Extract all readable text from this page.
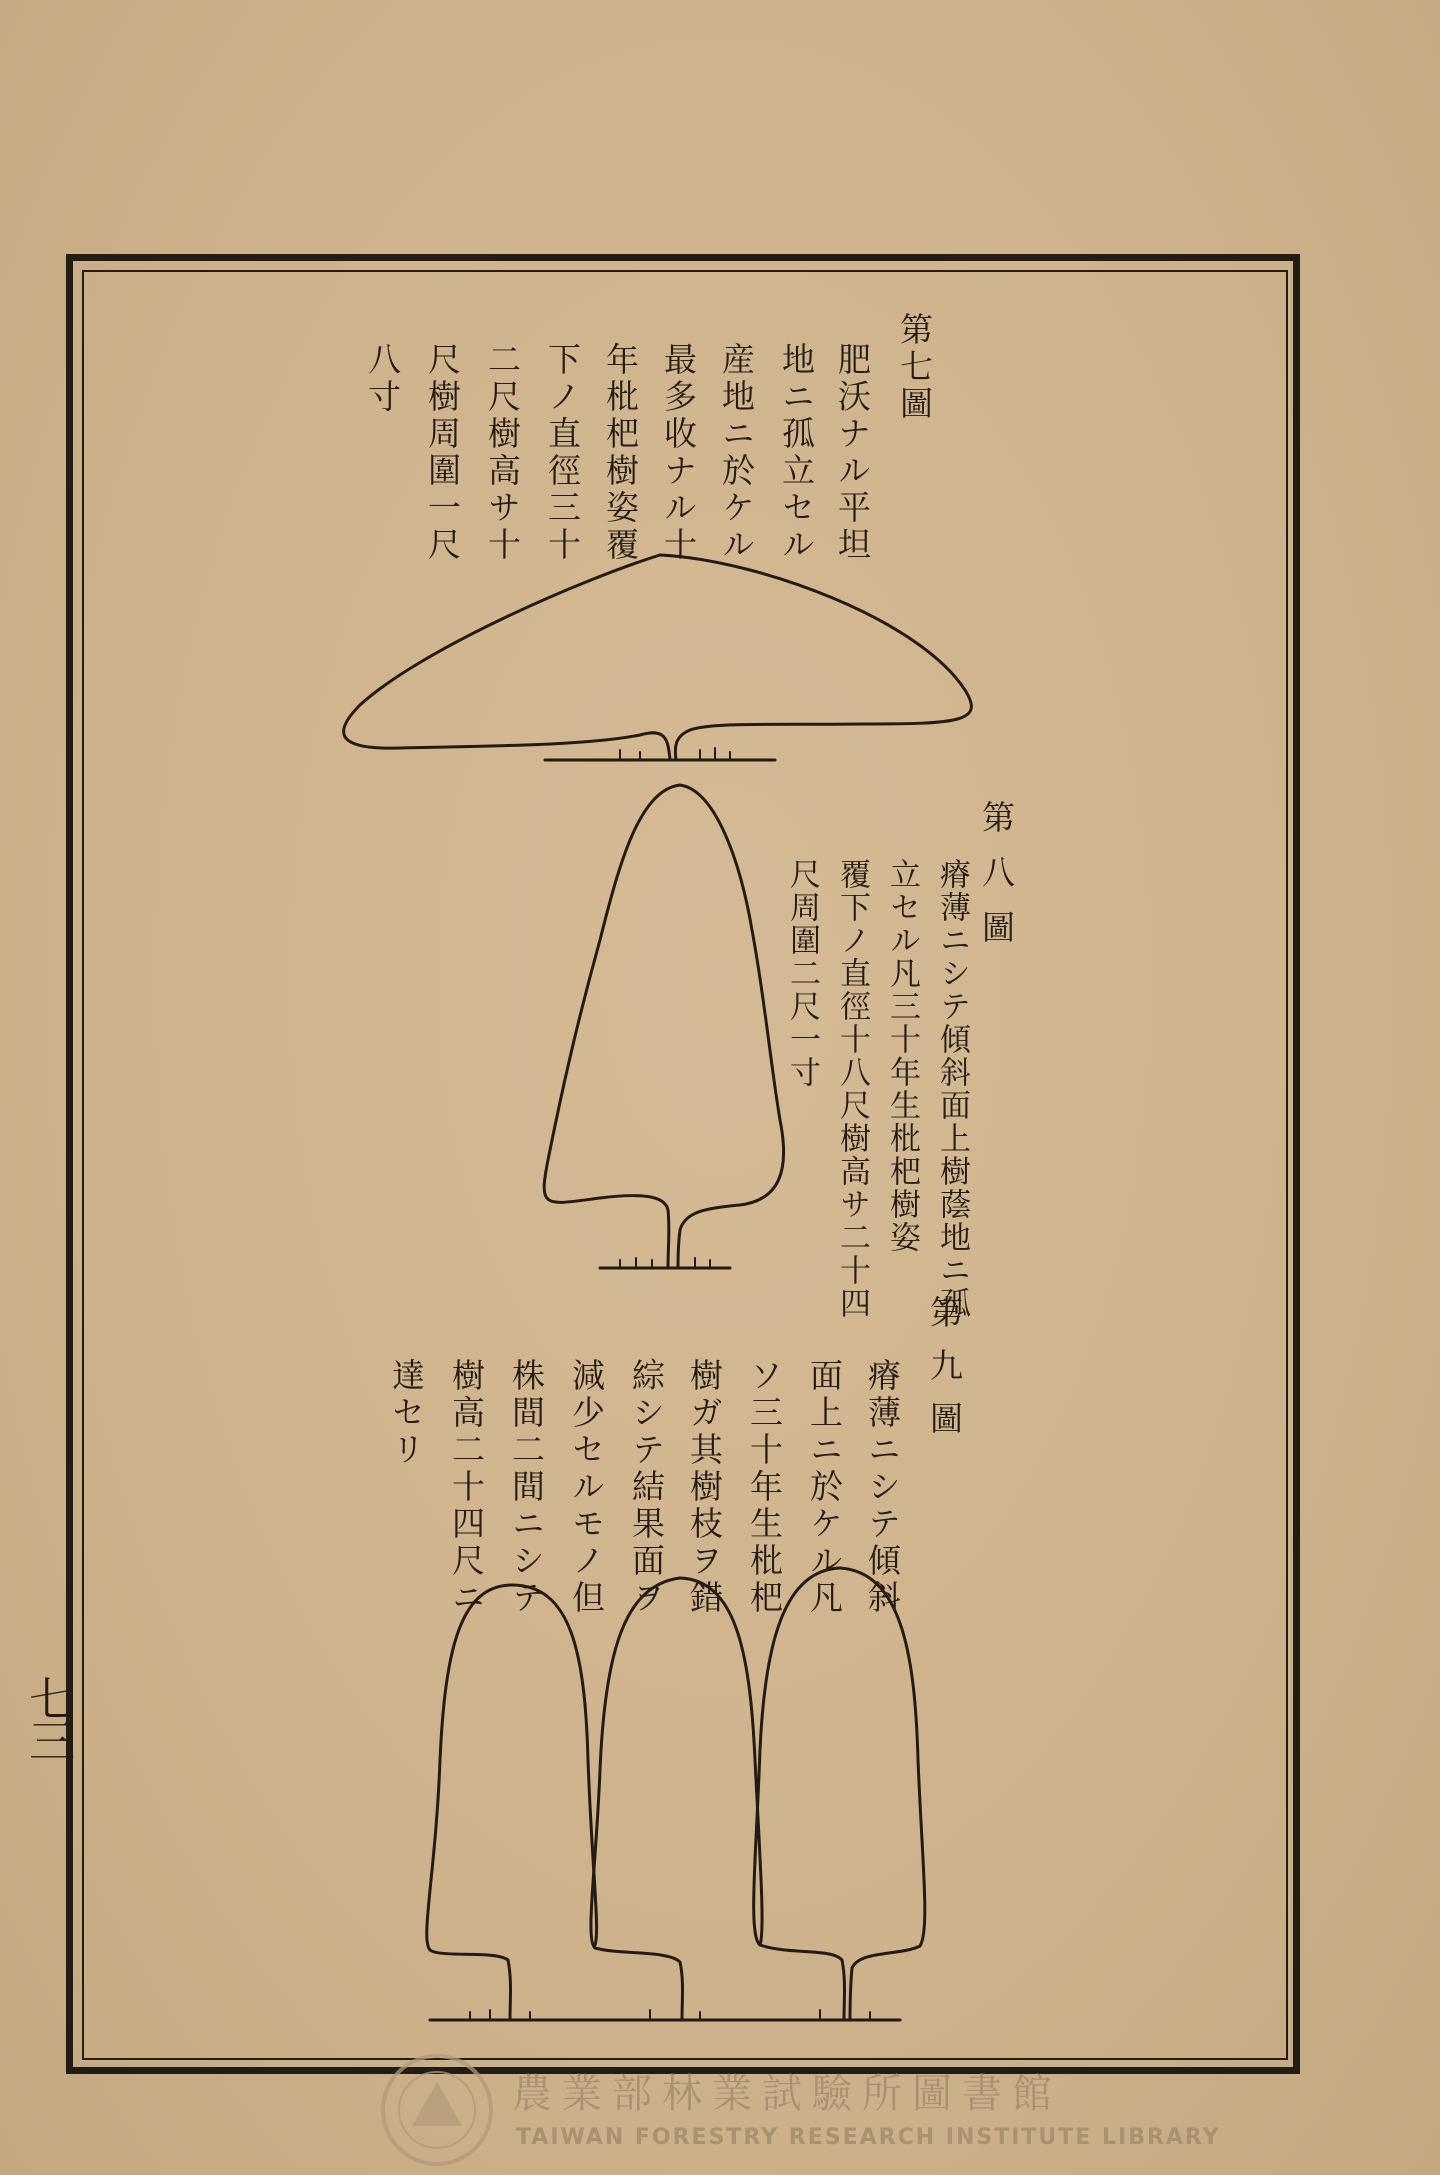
第七圖
肥沃ナル平坦
地ニ孤立セル
産地ニ於ケル
最多收ナル十
年枇杷樹姿覆
下ノ直徑三十
二尺樹高サ十
尺樹周圍一尺
八寸
第八圖
瘠薄ニシテ傾斜面上樹蔭地ニ孤
立セル凡三十年生枇杷樹姿
覆下ノ直徑十八尺樹高サ二十四
尺周圍二尺一寸
第九圖
瘠薄ニシテ傾斜
面上ニ於ケル凡
ソ三十年生枇杷
樹ガ其樹枝ヲ錯
綜シテ結果面ヲ
減少セルモノ但
株間二間ニシテ
樹高二十四尺ニ
達セリ
七三
農業部林業試驗所圖書館
TAIWAN FORESTRY RESEARCH INSTITUTE LIBRARY
